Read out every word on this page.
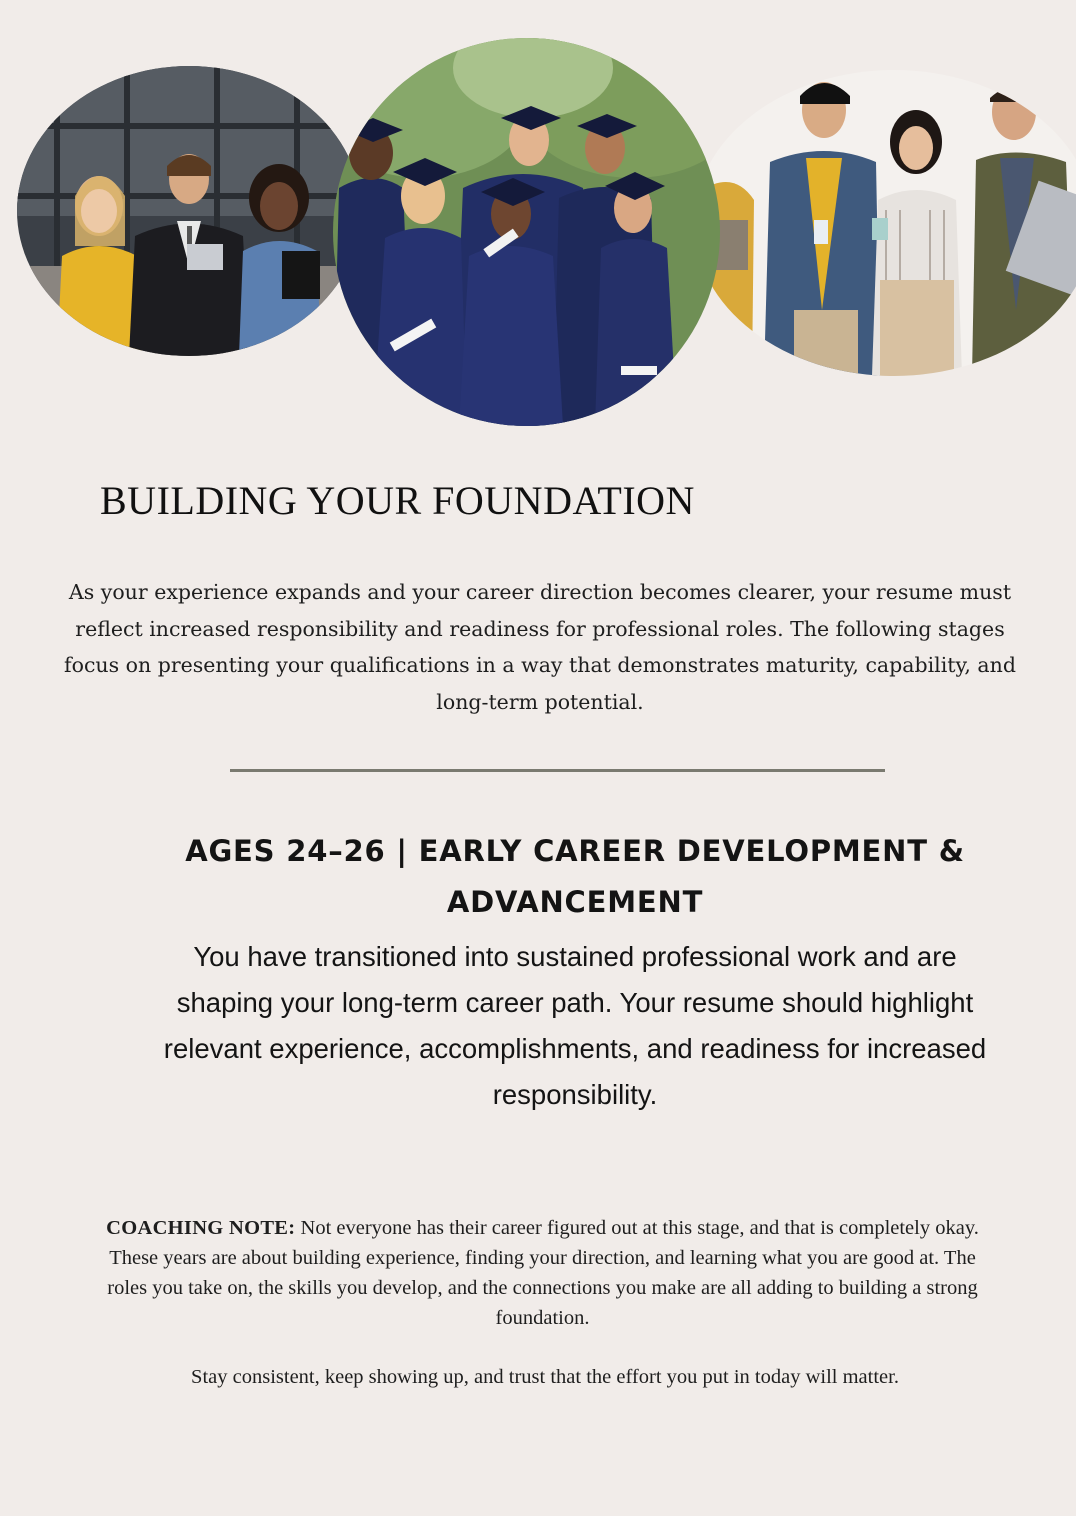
BUILDING YOUR FOUNDATION

As your experience expands and your career direction becomes clearer, your resume must reflect increased responsibility and readiness for professional roles. The following stages focus on presenting your qualifications in a way that demonstrates maturity, capability, and long-term potential.

AGES 24–26 | EARLY CAREER DEVELOPMENT & ADVANCEMENT

You have transitioned into sustained professional work and are shaping your long-term career path. Your resume should highlight relevant experience, accomplishments, and readiness for increased responsibility.

COACHING NOTE: Not everyone has their career figured out at this stage, and that is completely okay. These years are about building experience, finding your direction, and learning what you are good at. The roles you take on, the skills you develop, and the connections you make are all adding to building a strong foundation.

Stay consistent, keep showing up, and trust that the effort you put in today will matter.
